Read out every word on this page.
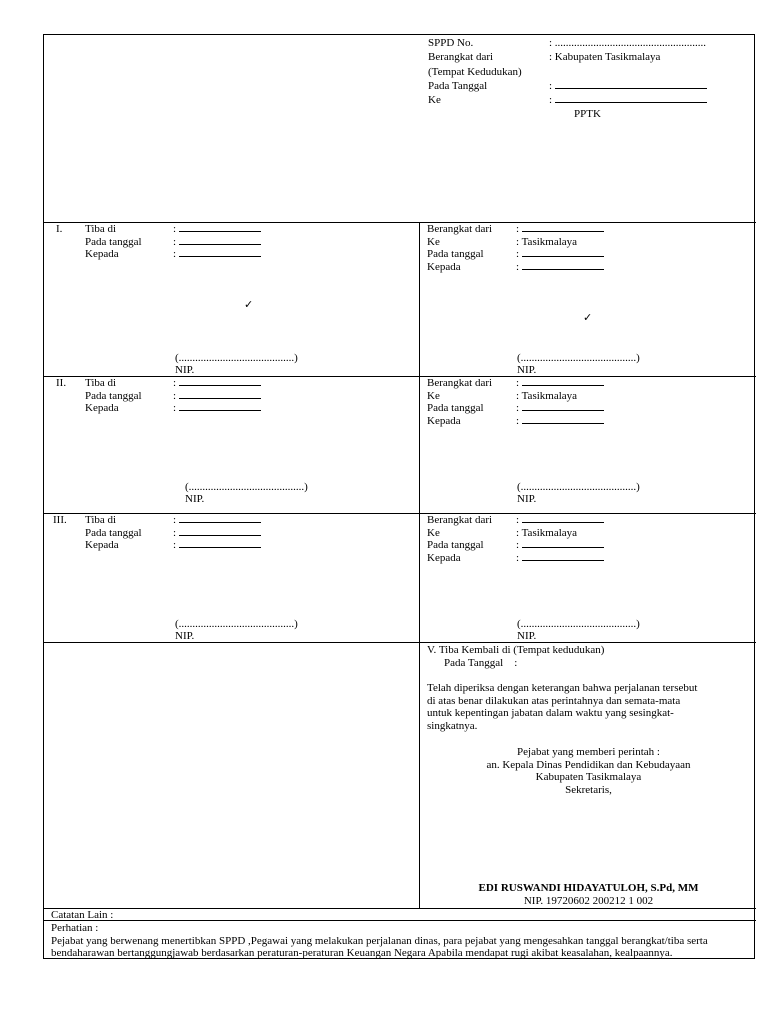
SPPD No.	: .......................................................
Berangkat dari	: Kabupaten Tasikmalaya
(Tempat Kedudukan)
Pada Tanggal	:
Ke	:
PPTK
I. Tiba di	:
Pada tanggal	:
Kepada	:
✓
(..........................................)
NIP.
Berangkat dari :
Ke	: Tasikmalaya
Pada tanggal	:
Kepada	:
✓
(..........................................)
NIP.
II. Tiba di	:
Pada tanggal	:
Kepada	:
(..........................................)
NIP.
Berangkat dari :
Ke	: Tasikmalaya
Pada tanggal	:
Kepada	:
(..........................................)
NIP.
III. Tiba di	:
Pada tanggal	:
Kepada	:
(..........................................)
NIP.
Berangkat dari :
Ke	: Tasikmalaya
Pada tanggal	:
Kepada	:
(..........................................)
NIP.
V. Tiba Kembali di (Tempat kedudukan)
Pada Tanggal    :
Telah diperiksa dengan keterangan bahwa perjalanan tersebut
di atas benar dilakukan atas perintahnya dan semata-mata
untuk kepentingan jabatan dalam waktu yang sesingkat-
singkatnya.
Pejabat yang memberi perintah :
an. Kepala Dinas Pendidikan dan Kebudayaan
Kabupaten Tasikmalaya
Sekretaris,
EDI RUSWANDI HIDAYATULOH, S.Pd, MM
NIP. 19720602 200212 1 002
Catatan Lain :
Perhatian :
Pejabat yang berwenang menertibkan SPPD ,Pegawai yang melakukan perjalanan dinas, para pejabat yang mengesahkan tanggal berangkat/tiba serta
bendaharawan bertanggungjawab berdasarkan peraturan-peraturan Keuangan Negara Apabila mendapat rugi akibat keasalahan, kealpaannya.
